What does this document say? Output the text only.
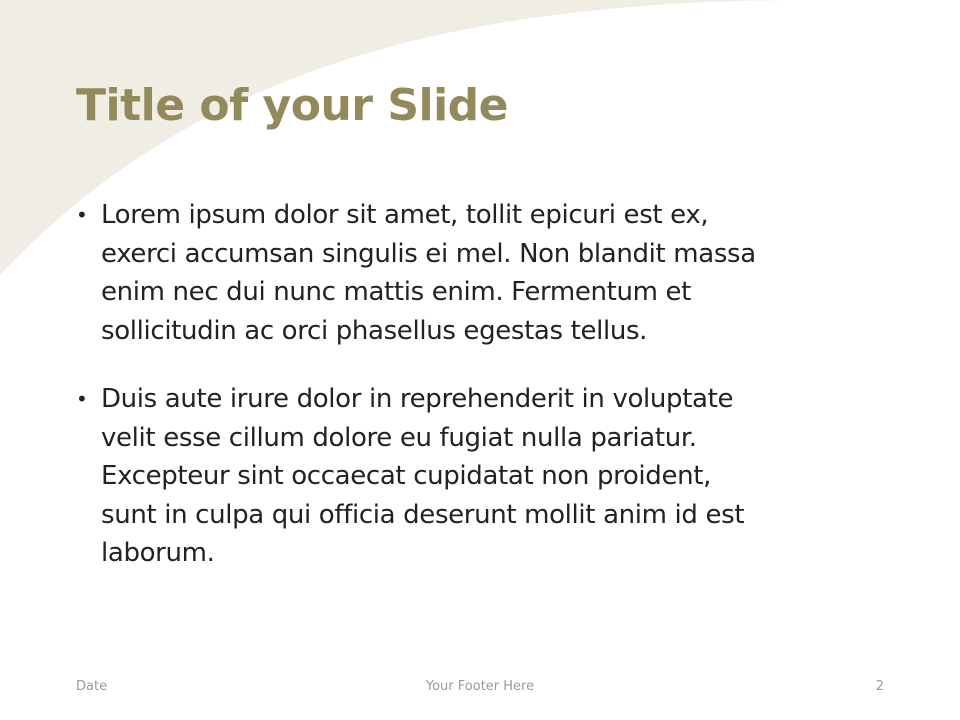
Title of your Slide
• Lorem ipsum dolor sit amet, tollit epicuri est ex,
exerci accumsan singulis ei mel. Non blandit massa
enim nec dui nunc mattis enim. Fermentum et
sollicitudin ac orci phasellus egestas tellus.
• Duis aute irure dolor in reprehenderit in voluptate
velit esse cillum dolore eu fugiat nulla pariatur.
Excepteur sint occaecat cupidatat non proident,
sunt in culpa qui officia deserunt mollit anim id est
laborum.
Date	Your Footer Here	2
